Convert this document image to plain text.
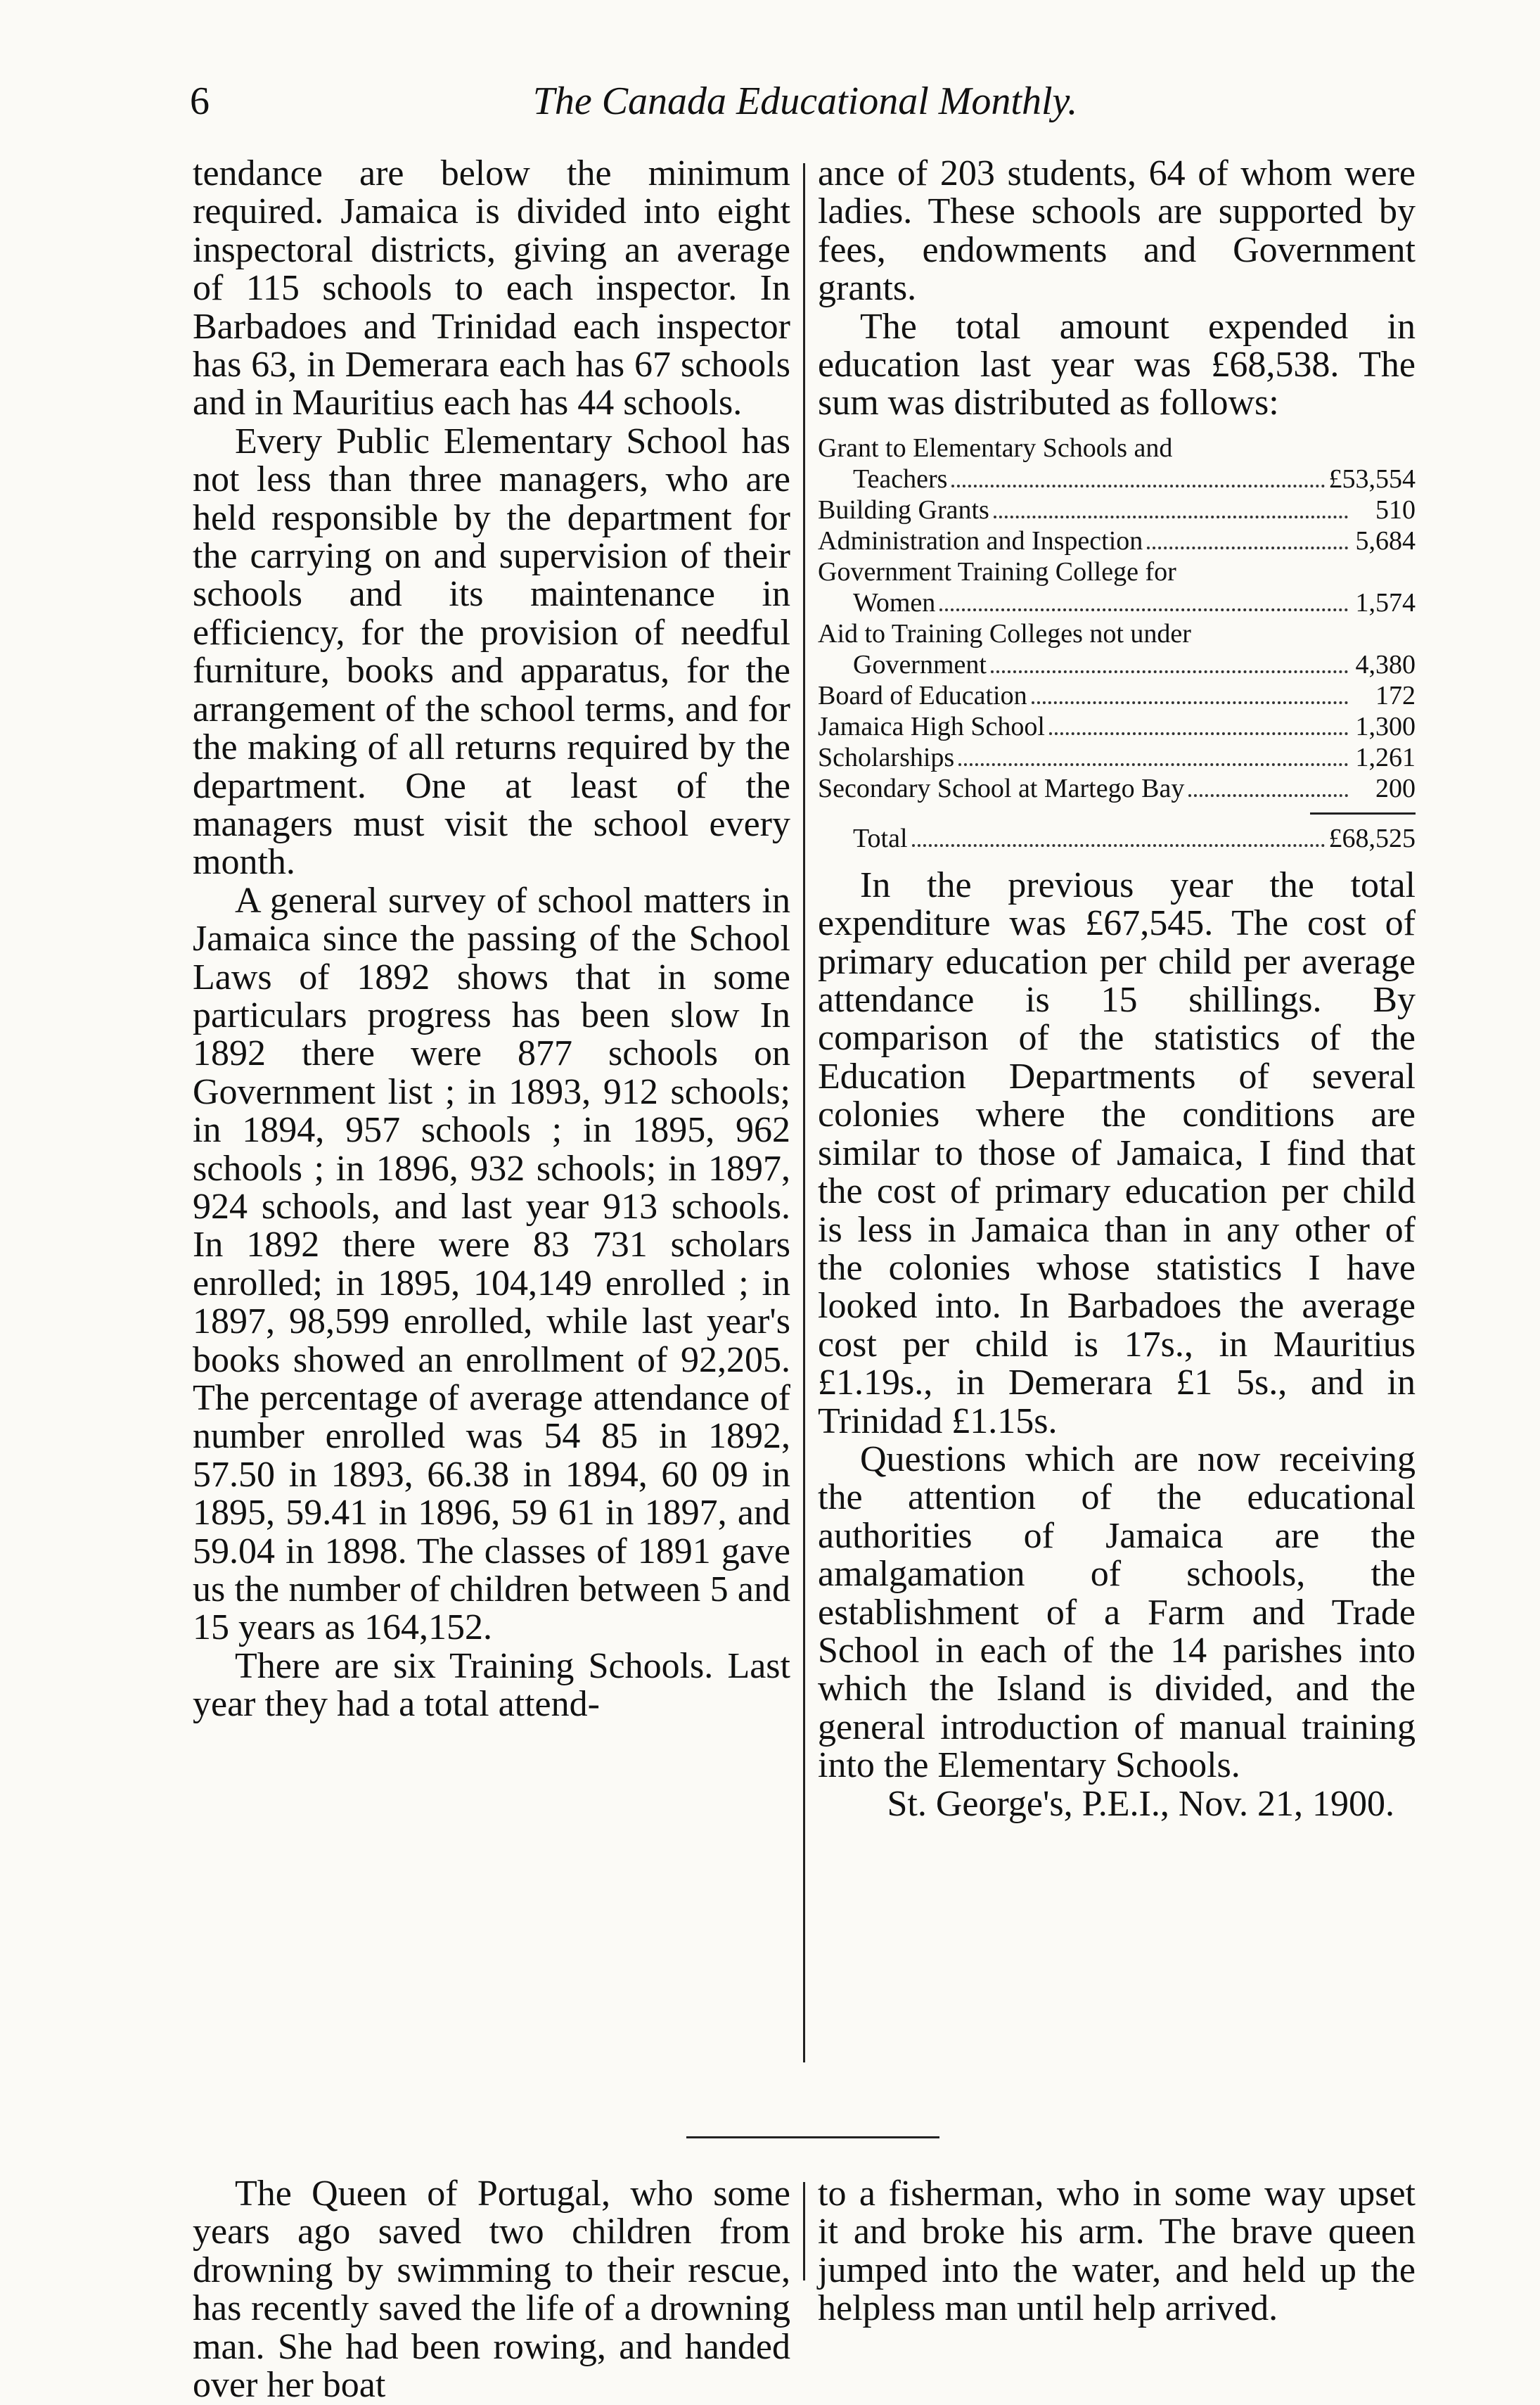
6	The Canada Educational Monthly.

tendance are below the minimum required. Jamaica is divided into eight inspectoral districts, giving an average of 115 schools to each inspector. In Barbadoes and Trinidad each inspector has 63, in Demerara each has 67 schools and in Mauritius each has 44 schools.

Every Public Elementary School has not less than three managers, who are held responsible by the department for the carrying on and supervision of their schools and its maintenance in efficiency, for the provision of needful furniture, books and apparatus, for the arrangement of the school terms, and for the making of all returns required by the department. One at least of the managers must visit the school every month.

A general survey of school matters in Jamaica since the passing of the School Laws of 1892 shows that in some particulars progress has been slow In 1892 there were 877 schools on Government list ; in 1893, 912 schools; in 1894, 957 schools ; in 1895, 962 schools ; in 1896, 932 schools; in 1897, 924 schools, and last year 913 schools. In 1892 there were 83 731 scholars enrolled; in 1895, 104,149 enrolled ; in 1897, 98,599 enrolled, while last year's books showed an enrollment of 92,205. The percentage of average attendance of number enrolled was 54 85 in 1892, 57.50 in 1893, 66.38 in 1894, 60 09 in 1895, 59.41 in 1896, 59 61 in 1897, and 59.04 in 1898. The classes of 1891 gave us the number of children between 5 and 15 years as 164,152.

There are six Training Schools. Last year they had a total attend-

ance of 203 students, 64 of whom were ladies. These schools are supported by fees, endowments and Government grants.

The total amount expended in education last year was £68,538. The sum was distributed as follows:

Grant to Elementary Schools and
Teachers	£53,554
Building Grants	510
Administration and Inspection	5,684
Government Training College for
Women	1,574
Aid to Training Colleges not under
Government	4,380
Board of Education	172
Jamaica High School	1,300
Scholarships	1,261
Secondary School at Martego Bay	200
Total	£68,525

In the previous year the total expenditure was £67,545. The cost of primary education per child per average attendance is 15 shillings. By comparison of the statistics of the Education Departments of several colonies where the conditions are similar to those of Jamaica, I find that the cost of primary education per child is less in Jamaica than in any other of the colonies whose statistics I have looked into. In Barbadoes the average cost per child is 17s., in Mauritius £1.19s., in Demerara £1 5s., and in Trinidad £1.15s.

Questions which are now receiving the attention of the educational authorities of Jamaica are the amalgamation of schools, the establishment of a Farm and Trade School in each of the 14 parishes into which the Island is divided, and the general introduction of manual training into the Elementary Schools.

St. George's, P.E.I., Nov. 21, 1900.

The Queen of Portugal, who some years ago saved two children from drowning by swimming to their rescue, has recently saved the life of a drowning man. She had been rowing, and handed over her boat

to a fisherman, who in some way upset it and broke his arm. The brave queen jumped into the water, and held up the helpless man until help arrived.
